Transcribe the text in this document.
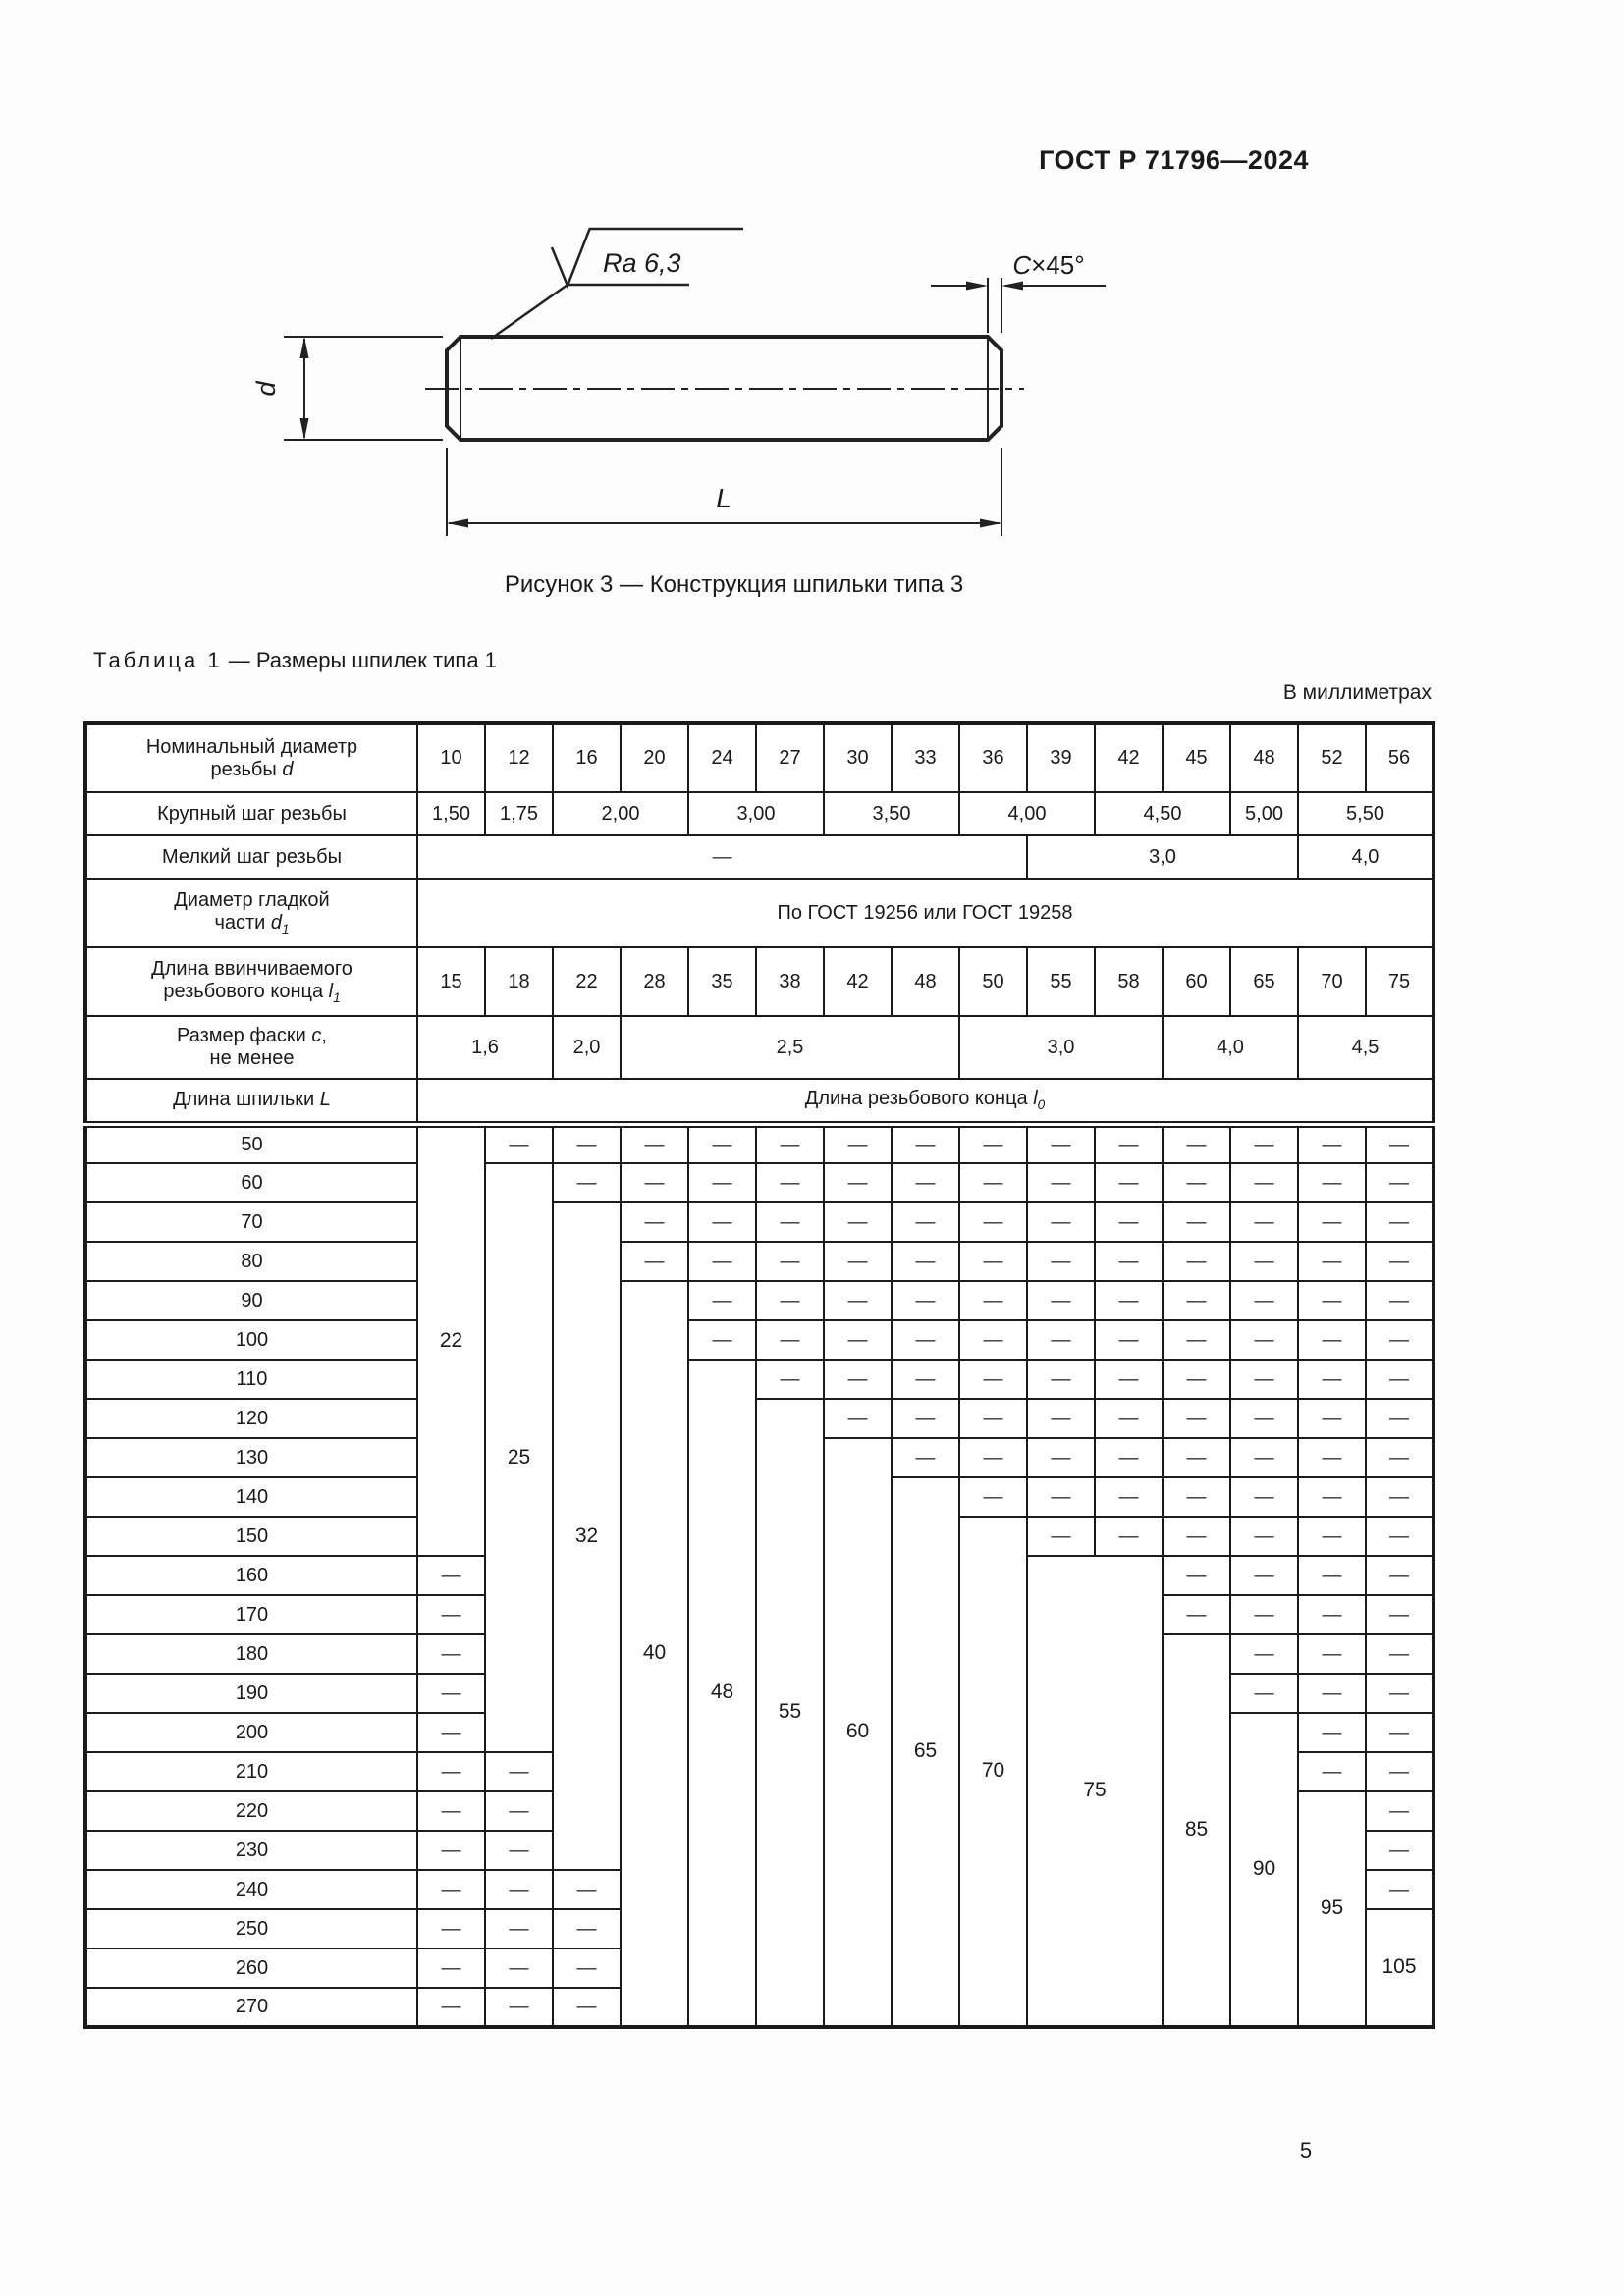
ГОСТ Р 71796—2024
Ra 6,3	C×45°
d
L
Рисунок 3 — Конструкция шпильки типа 3
Таблица 1 — Размеры шпилек типа 1
В миллиметрах
Номинальный диаметр
резьбы d	10	12	16	20	24	27	30	33	36	39	42	45	48	52	56
Крупный шаг резьбы	1,50	1,75	2,00		3,00		3,50		4,00		4,50		5,00	5,50	
Мелкий шаг резьбы	—									3,0				4,0	
Диаметр гладкой
части $d_1$	По ГОСТ 19256 или ГОСТ 19258														
Длина ввинчиваемого
резьбового конца $l_1$	15	18	22	28	35	38	42	48	50	55	58	60	65	70	75
Размер фаски c,
не менее	1,6		2,0	2,5					3,0			4,0		4,5	
Длина шпильки L	Длина резьбового конца $l_0$
50	22	—	—	—	—	—	—	—	—	—	—	—	—	—	—
60		25	—	—	—	—	—	—	—	—	—	—	—	—	—
70			32	—	—	—	—	—	—	—	—	—	—	—	—
80				—	—	—	—	—	—	—	—	—	—	—	—
90				40	—	—	—	—	—	—	—	—	—	—	—
100					—	—	—	—	—	—	—	—	—	—	—
110					48	—	—	—	—	—	—	—	—	—	—
120						55	—	—	—	—	—	—	—	—	—
130							60	—	—	—	—	—	—	—	—
140								65	—	—	—	—	—	—	—
150									70	—	—	—	—	—	—
160	—									75		—	—	—	—
170	—											—	—	—	—
180	—											85	—	—	—
190	—												—	—	—
200	—												90	—	—
210	—	—												—	—
220	—	—												95	—
230	—	—													—
240	—	—	—												—
250	—	—	—												105
260	—	—	—												
270	—	—	—												
5
